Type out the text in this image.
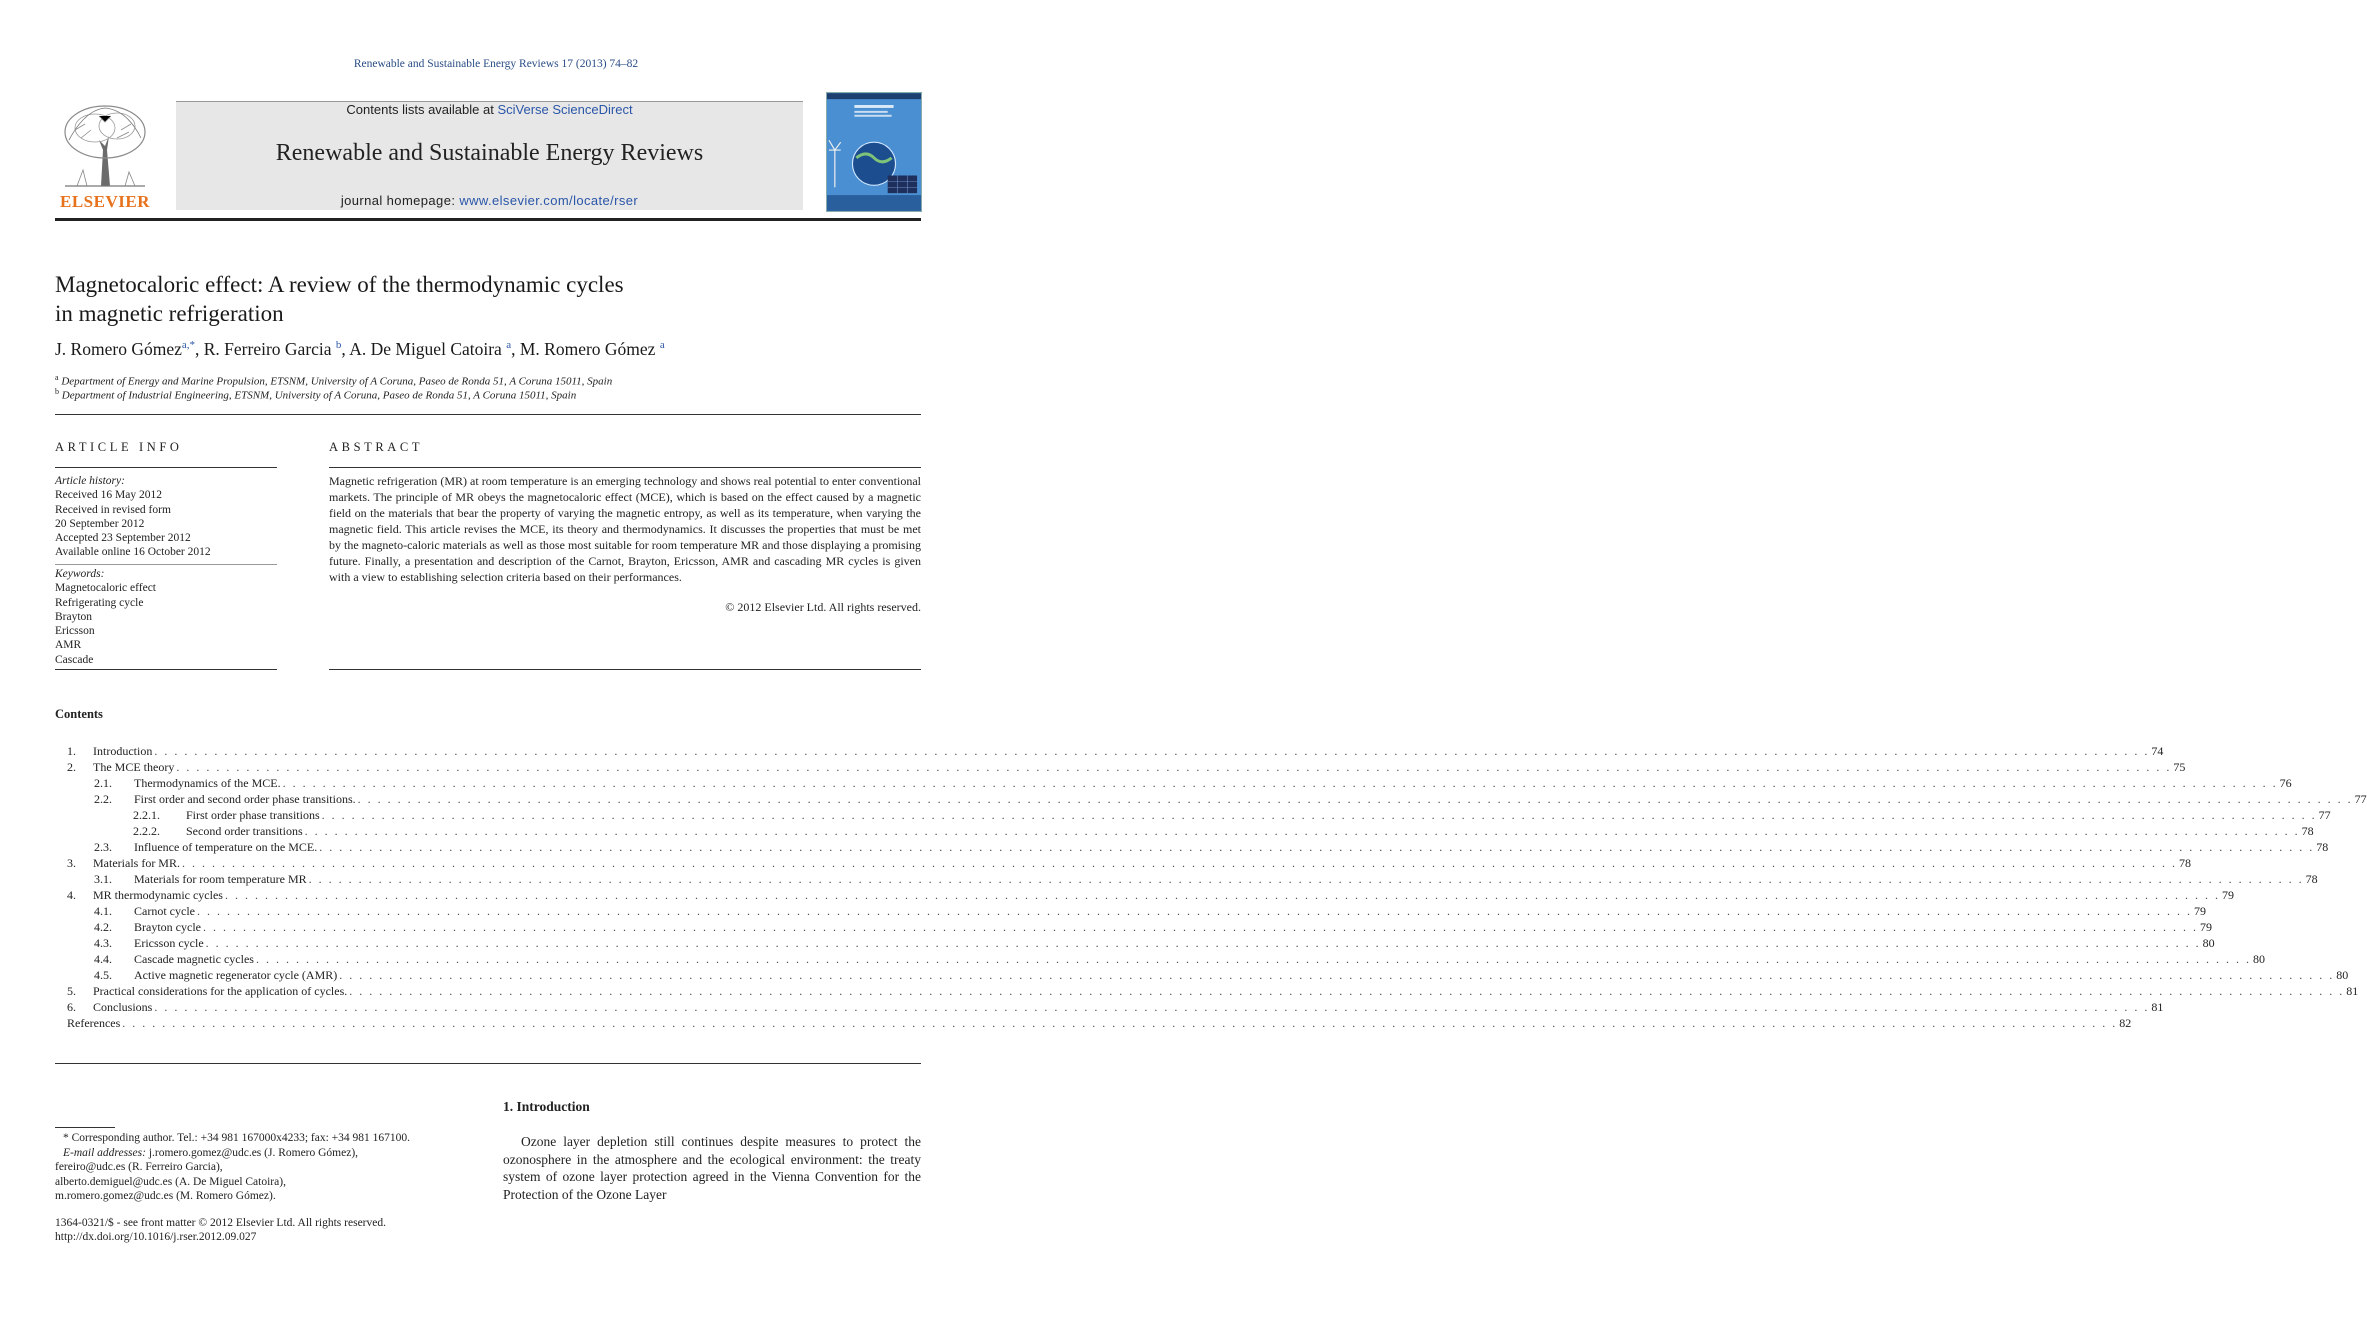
Renewable and Sustainable Energy Reviews 17 (2013) 74–82
ELSEVIER
Contents lists available at SciVerse ScienceDirect
Renewable and Sustainable Energy Reviews
journal homepage: www.elsevier.com/locate/rser
Magnetocaloric effect: A review of the thermodynamic cycles
in magnetic refrigeration
J. Romero Gómez$^{a,*}$, R. Ferreiro Garcia $^b$, A. De Miguel Catoira $^a$, M. Romero Gómez $^a$
$^a$ Department of Energy and Marine Propulsion, ETSNM, University of A Coruna, Paseo de Ronda 51, A Coruna 15011, Spain
$^b$ Department of Industrial Engineering, ETSNM, University of A Coruna, Paseo de Ronda 51, A Coruna 15011, Spain
ARTICLE INFO
Article history:
Received 16 May 2012
Received in revised form
20 September 2012
Accepted 23 September 2012
Available online 16 October 2012
Keywords:
Magnetocaloric effect
Refrigerating cycle
Brayton
Ericsson
AMR
Cascade
ABSTRACT
Magnetic refrigeration (MR) at room temperature is an emerging technology and shows real potential to enter conventional markets. The principle of MR obeys the magnetocaloric effect (MCE), which is based on the effect caused by a magnetic field on the materials that bear the property of varying the magnetic entropy, as well as its temperature, when varying the magnetic field. This article revises the MCE, its theory and thermodynamics. It discusses the properties that must be met by the magneto-caloric materials as well as those most suitable for room temperature MR and those displaying a promising future. Finally, a presentation and description of the Carnot, Brayton, Ericsson, AMR and cascading MR cycles is given with a view to establishing selection criteria based on their performances.
© 2012 Elsevier Ltd. All rights reserved.
Contents
1.	Introduction . . . . . . . . . . . . . . . . . . . . . . . . . . . . . . . . . . . . . . . . . . . . . . . . . . . . . . . . . . . . . . . . . . . . . . . . . . . . . . . . . . . . . . . . . . . . . . . . . . . . . . . . . . . . . . . . . . . . . . . . . . . . . . . . . . . . . . . . . . . . . . . . . . . . . . . . . . . . . . . . . . . . . . . . . . . . . . . . . . . . . . . . . . . . . . . . . . . . . . . . 74
2.	The MCE theory . . . . . . . . . . . . . . . . . . . . . . . . . . . . . . . . . . . . . . . . . . . . . . . . . . . . . . . . . . . . . . . . . . . . . . . . . . . . . . . . . . . . . . . . . . . . . . . . . . . . . . . . . . . . . . . . . . . . . . . . . . . . . . . . . . . . . . . . . . . . . . . . . . . . . . . . . . . . . . . . . . . . . . . . . . . . . . . . . . . . . . . . . . . . . . . . . . . . . . . . 75
2.1.	Thermodynamics of the MCE. . . . . . . . . . . . . . . . . . . . . . . . . . . . . . . . . . . . . . . . . . . . . . . . . . . . . . . . . . . . . . . . . . . . . . . . . . . . . . . . . . . . . . . . . . . . . . . . . . . . . . . . . . . . . . . . . . . . . . . . . . . . . . . . . . . . . . . . . . . . . . . . . . . . . . . . . . . . . . . . . . . . . . . . . . . . . . . . . . . . . . . . . . . . . . . . . . . . . . . . . 76
2.2.	First order and second order phase transitions. . . . . . . . . . . . . . . . . . . . . . . . . . . . . . . . . . . . . . . . . . . . . . . . . . . . . . . . . . . . . . . . . . . . . . . . . . . . . . . . . . . . . . . . . . . . . . . . . . . . . . . . . . . . . . . . . . . . . . . . . . . . . . . . . . . . . . . . . . . . . . . . . . . . . . . . . . . . . . . . . . . . . . . . . . . . . . . . . . . . . . . . . . . . . . . . . . . . . . . . . 77
2.2.1.	First order phase transitions . . . . . . . . . . . . . . . . . . . . . . . . . . . . . . . . . . . . . . . . . . . . . . . . . . . . . . . . . . . . . . . . . . . . . . . . . . . . . . . . . . . . . . . . . . . . . . . . . . . . . . . . . . . . . . . . . . . . . . . . . . . . . . . . . . . . . . . . . . . . . . . . . . . . . . . . . . . . . . . . . . . . . . . . . . . . . . . . . . . . . . . . . . . . . . . . . . . . . . . . 77
2.2.2.	Second order transitions . . . . . . . . . . . . . . . . . . . . . . . . . . . . . . . . . . . . . . . . . . . . . . . . . . . . . . . . . . . . . . . . . . . . . . . . . . . . . . . . . . . . . . . . . . . . . . . . . . . . . . . . . . . . . . . . . . . . . . . . . . . . . . . . . . . . . . . . . . . . . . . . . . . . . . . . . . . . . . . . . . . . . . . . . . . . . . . . . . . . . . . . . . . . . . . . . . . . . . . . 78
2.3.	Influence of temperature on the MCE. . . . . . . . . . . . . . . . . . . . . . . . . . . . . . . . . . . . . . . . . . . . . . . . . . . . . . . . . . . . . . . . . . . . . . . . . . . . . . . . . . . . . . . . . . . . . . . . . . . . . . . . . . . . . . . . . . . . . . . . . . . . . . . . . . . . . . . . . . . . . . . . . . . . . . . . . . . . . . . . . . . . . . . . . . . . . . . . . . . . . . . . . . . . . . . . . . . . . . . . . 78
3.	Materials for MR. . . . . . . . . . . . . . . . . . . . . . . . . . . . . . . . . . . . . . . . . . . . . . . . . . . . . . . . . . . . . . . . . . . . . . . . . . . . . . . . . . . . . . . . . . . . . . . . . . . . . . . . . . . . . . . . . . . . . . . . . . . . . . . . . . . . . . . . . . . . . . . . . . . . . . . . . . . . . . . . . . . . . . . . . . . . . . . . . . . . . . . . . . . . . . . . . . . . . . . . . 78
3.1.	Materials for room temperature MR . . . . . . . . . . . . . . . . . . . . . . . . . . . . . . . . . . . . . . . . . . . . . . . . . . . . . . . . . . . . . . . . . . . . . . . . . . . . . . . . . . . . . . . . . . . . . . . . . . . . . . . . . . . . . . . . . . . . . . . . . . . . . . . . . . . . . . . . . . . . . . . . . . . . . . . . . . . . . . . . . . . . . . . . . . . . . . . . . . . . . . . . . . . . . . . . . . . . . . . . 78
4.	MR thermodynamic cycles . . . . . . . . . . . . . . . . . . . . . . . . . . . . . . . . . . . . . . . . . . . . . . . . . . . . . . . . . . . . . . . . . . . . . . . . . . . . . . . . . . . . . . . . . . . . . . . . . . . . . . . . . . . . . . . . . . . . . . . . . . . . . . . . . . . . . . . . . . . . . . . . . . . . . . . . . . . . . . . . . . . . . . . . . . . . . . . . . . . . . . . . . . . . . . . . . . . . . . . . 79
4.1.	Carnot cycle . . . . . . . . . . . . . . . . . . . . . . . . . . . . . . . . . . . . . . . . . . . . . . . . . . . . . . . . . . . . . . . . . . . . . . . . . . . . . . . . . . . . . . . . . . . . . . . . . . . . . . . . . . . . . . . . . . . . . . . . . . . . . . . . . . . . . . . . . . . . . . . . . . . . . . . . . . . . . . . . . . . . . . . . . . . . . . . . . . . . . . . . . . . . . . . . . . . . . . . . 79
4.2.	Brayton cycle . . . . . . . . . . . . . . . . . . . . . . . . . . . . . . . . . . . . . . . . . . . . . . . . . . . . . . . . . . . . . . . . . . . . . . . . . . . . . . . . . . . . . . . . . . . . . . . . . . . . . . . . . . . . . . . . . . . . . . . . . . . . . . . . . . . . . . . . . . . . . . . . . . . . . . . . . . . . . . . . . . . . . . . . . . . . . . . . . . . . . . . . . . . . . . . . . . . . . . . . 79
4.3.	Ericsson cycle . . . . . . . . . . . . . . . . . . . . . . . . . . . . . . . . . . . . . . . . . . . . . . . . . . . . . . . . . . . . . . . . . . . . . . . . . . . . . . . . . . . . . . . . . . . . . . . . . . . . . . . . . . . . . . . . . . . . . . . . . . . . . . . . . . . . . . . . . . . . . . . . . . . . . . . . . . . . . . . . . . . . . . . . . . . . . . . . . . . . . . . . . . . . . . . . . . . . . . . . 80
4.4.	Cascade magnetic cycles . . . . . . . . . . . . . . . . . . . . . . . . . . . . . . . . . . . . . . . . . . . . . . . . . . . . . . . . . . . . . . . . . . . . . . . . . . . . . . . . . . . . . . . . . . . . . . . . . . . . . . . . . . . . . . . . . . . . . . . . . . . . . . . . . . . . . . . . . . . . . . . . . . . . . . . . . . . . . . . . . . . . . . . . . . . . . . . . . . . . . . . . . . . . . . . . . . . . . . . . 80
4.5.	Active magnetic regenerator cycle (AMR) . . . . . . . . . . . . . . . . . . . . . . . . . . . . . . . . . . . . . . . . . . . . . . . . . . . . . . . . . . . . . . . . . . . . . . . . . . . . . . . . . . . . . . . . . . . . . . . . . . . . . . . . . . . . . . . . . . . . . . . . . . . . . . . . . . . . . . . . . . . . . . . . . . . . . . . . . . . . . . . . . . . . . . . . . . . . . . . . . . . . . . . . . . . . . . . . . . . . . . . . 80
5.	Practical considerations for the application of cycles. . . . . . . . . . . . . . . . . . . . . . . . . . . . . . . . . . . . . . . . . . . . . . . . . . . . . . . . . . . . . . . . . . . . . . . . . . . . . . . . . . . . . . . . . . . . . . . . . . . . . . . . . . . . . . . . . . . . . . . . . . . . . . . . . . . . . . . . . . . . . . . . . . . . . . . . . . . . . . . . . . . . . . . . . . . . . . . . . . . . . . . . . . . . . . . . . . . . . . . . . 81
6.	Conclusions . . . . . . . . . . . . . . . . . . . . . . . . . . . . . . . . . . . . . . . . . . . . . . . . . . . . . . . . . . . . . . . . . . . . . . . . . . . . . . . . . . . . . . . . . . . . . . . . . . . . . . . . . . . . . . . . . . . . . . . . . . . . . . . . . . . . . . . . . . . . . . . . . . . . . . . . . . . . . . . . . . . . . . . . . . . . . . . . . . . . . . . . . . . . . . . . . . . . . . . . 81
References . . . . . . . . . . . . . . . . . . . . . . . . . . . . . . . . . . . . . . . . . . . . . . . . . . . . . . . . . . . . . . . . . . . . . . . . . . . . . . . . . . . . . . . . . . . . . . . . . . . . . . . . . . . . . . . . . . . . . . . . . . . . . . . . . . . . . . . . . . . . . . . . . . . . . . . . . . . . . . . . . . . . . . . . . . . . . . . . . . . . . . . . . . . . . . . . . . . . . . . . 82
* Corresponding author. Tel.: +34 981 167000x4233; fax: +34 981 167100.
E-mail addresses: j.romero.gomez@udc.es (J. Romero Gómez),
fereiro@udc.es (R. Ferreiro Garcia),
alberto.demiguel@udc.es (A. De Miguel Catoira),
m.romero.gomez@udc.es (M. Romero Gómez).
1364-0321/$ - see front matter © 2012 Elsevier Ltd. All rights reserved.
http://dx.doi.org/10.1016/j.rser.2012.09.027
1. Introduction
Ozone layer depletion still continues despite measures to protect the ozonosphere in the atmosphere and the ecological environment: the treaty system of ozone layer protection agreed in the Vienna Convention for the Protection of the Ozone Layer
